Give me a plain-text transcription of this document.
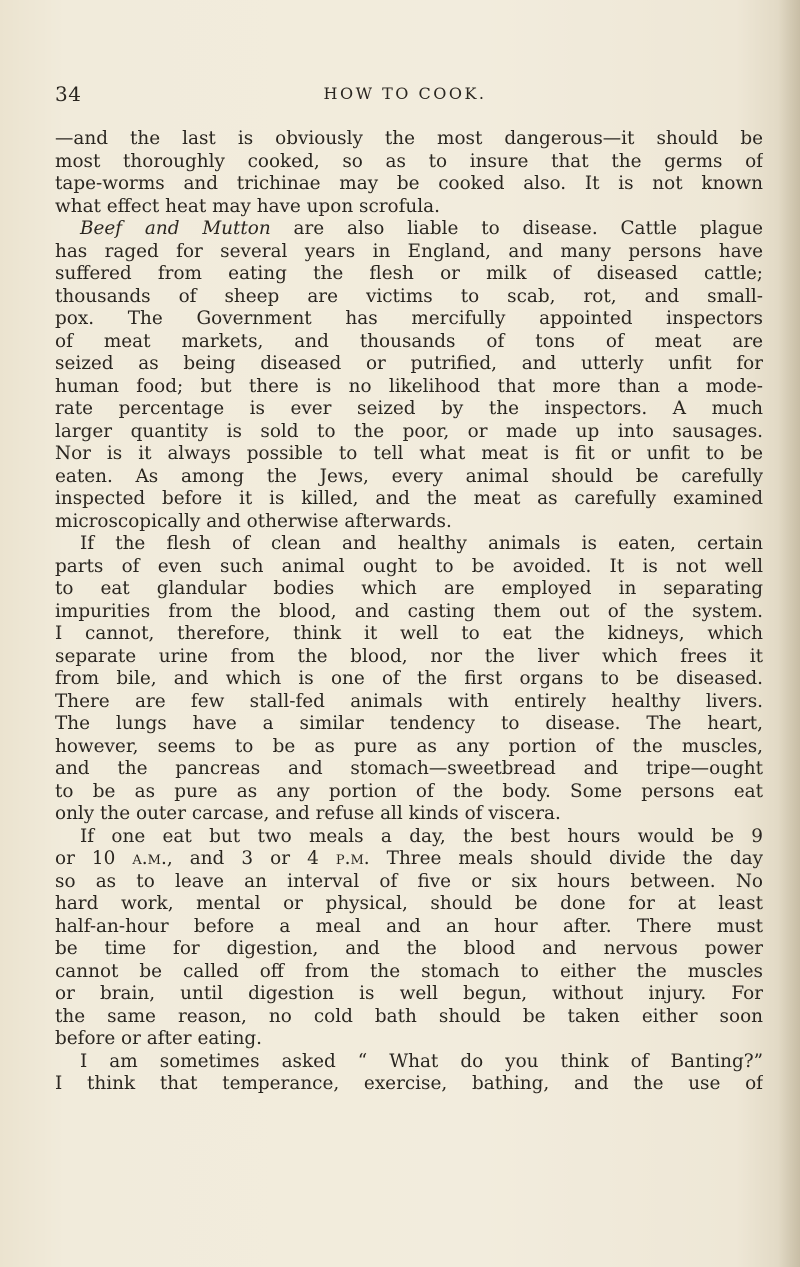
34	HOW TO COOK.
—and the last is obviously the most dangerous—it should be
most thoroughly cooked, so as to insure that the germs of
tape-worms and trichinae may be cooked also. It is not known
what effect heat may have upon scrofula.
Beef and Mutton are also liable to disease. Cattle plague
has raged for several years in England, and many persons have
suffered from eating the flesh or milk of diseased cattle;
thousands of sheep are victims to scab, rot, and small-
pox. The Government has mercifully appointed inspectors
of meat markets, and thousands of tons of meat are
seized as being diseased or putrified, and utterly unfit for
human food; but there is no likelihood that more than a mode-
rate percentage is ever seized by the inspectors. A much
larger quantity is sold to the poor, or made up into sausages.
Nor is it always possible to tell what meat is fit or unfit to be
eaten. As among the Jews, every animal should be carefully
inspected before it is killed, and the meat as carefully examined
microscopically and otherwise afterwards.
If the flesh of clean and healthy animals is eaten, certain
parts of even such animal ought to be avoided. It is not well
to eat glandular bodies which are employed in separating
impurities from the blood, and casting them out of the system.
I cannot, therefore, think it well to eat the kidneys, which
separate urine from the blood, nor the liver which frees it
from bile, and which is one of the first organs to be diseased.
There are few stall-fed animals with entirely healthy livers.
The lungs have a similar tendency to disease. The heart,
however, seems to be as pure as any portion of the muscles,
and the pancreas and stomach—sweetbread and tripe—ought
to be as pure as any portion of the body. Some persons eat
only the outer carcase, and refuse all kinds of viscera.
If one eat but two meals a day, the best hours would be 9
or 10 a.m., and 3 or 4 p.m. Three meals should divide the day
so as to leave an interval of five or six hours between. No
hard work, mental or physical, should be done for at least
half-an-hour before a meal and an hour after. There must
be time for digestion, and the blood and nervous power
cannot be called off from the stomach to either the muscles
or brain, until digestion is well begun, without injury. For
the same reason, no cold bath should be taken either soon
before or after eating.
I am sometimes asked “ What do you think of Banting?”
I think that temperance, exercise, bathing, and the use of
